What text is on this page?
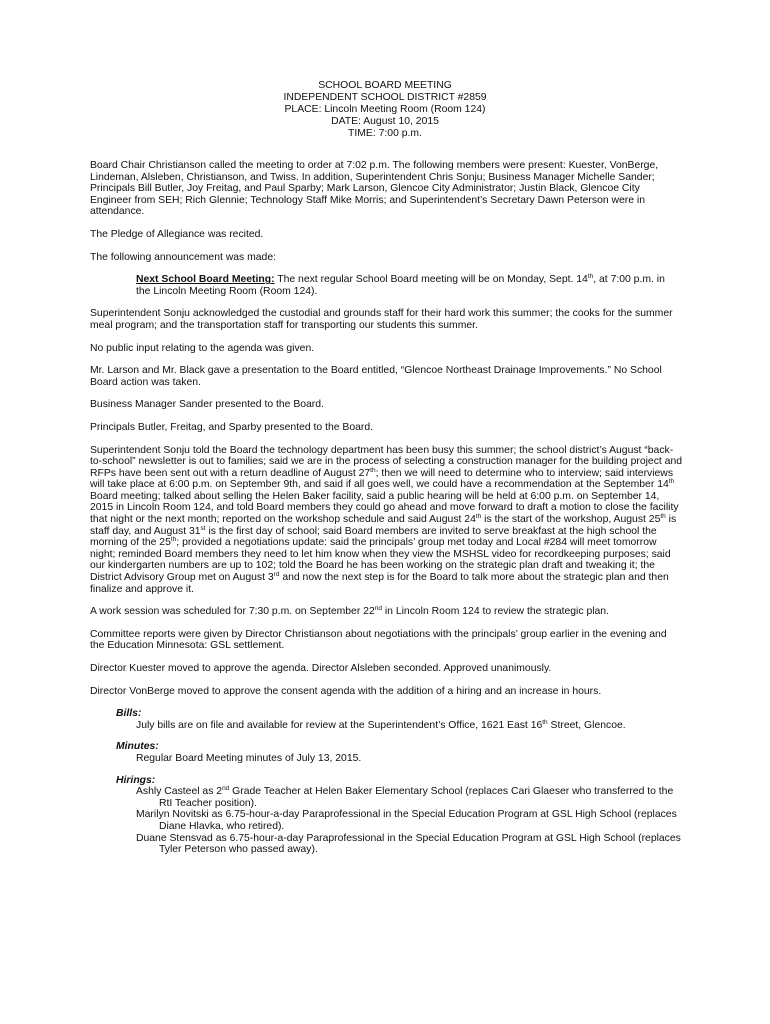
SCHOOL BOARD MEETING
INDEPENDENT SCHOOL DISTRICT #2859
PLACE: Lincoln Meeting Room (Room 124)
DATE: August 10, 2015
TIME: 7:00 p.m.

Board Chair Christianson called the meeting to order at 7:02 p.m. The following members were present: Kuester, VonBerge, Lindeman, Alsleben, Christianson, and Twiss. In addition, Superintendent Chris Sonju; Business Manager Michelle Sander; Principals Bill Butler, Joy Freitag, and Paul Sparby; Mark Larson, Glencoe City Administrator; Justin Black, Glencoe City Engineer from SEH; Rich Glennie; Technology Staff Mike Morris; and Superintendent’s Secretary Dawn Peterson were in attendance.

The Pledge of Allegiance was recited.

The following announcement was made:

Next School Board Meeting: The next regular School Board meeting will be on Monday, Sept. 14th, at 7:00 p.m. in the Lincoln Meeting Room (Room 124).

Superintendent Sonju acknowledged the custodial and grounds staff for their hard work this summer; the cooks for the summer meal program; and the transportation staff for transporting our students this summer.

No public input relating to the agenda was given.

Mr. Larson and Mr. Black gave a presentation to the Board entitled, “Glencoe Northeast Drainage Improvements.” No School Board action was taken.

Business Manager Sander presented to the Board.

Principals Butler, Freitag, and Sparby presented to the Board.

Superintendent Sonju told the Board the technology department has been busy this summer; the school district’s August “back-to-school” newsletter is out to families; said we are in the process of selecting a construction manager for the building project and RFPs have been sent out with a return deadline of August 27th; then we will need to determine who to interview; said interviews will take place at 6:00 p.m. on September 9th, and said if all goes well, we could have a recommendation at the September 14th Board meeting; talked about selling the Helen Baker facility, said a public hearing will be held at 6:00 p.m. on September 14, 2015 in Lincoln Room 124, and told Board members they could go ahead and move forward to draft a motion to close the facility that night or the next month; reported on the workshop schedule and said August 24th is the start of the workshop, August 25th is staff day, and August 31st is the first day of school; said Board members are invited to serve breakfast at the high school the morning of the 25th; provided a negotiations update: said the principals’ group met today and Local #284 will meet tomorrow night; reminded Board members they need to let him know when they view the MSHSL video for recordkeeping purposes; said our kindergarten numbers are up to 102; told the Board he has been working on the strategic plan draft and tweaking it; the District Advisory Group met on August 3rd and now the next step is for the Board to talk more about the strategic plan and then finalize and approve it.

A work session was scheduled for 7:30 p.m. on September 22nd in Lincoln Room 124 to review the strategic plan.

Committee reports were given by Director Christianson about negotiations with the principals’ group earlier in the evening and the Education Minnesota: GSL settlement.

Director Kuester moved to approve the agenda. Director Alsleben seconded. Approved unanimously.

Director VonBerge moved to approve the consent agenda with the addition of a hiring and an increase in hours.

Bills:
July bills are on file and available for review at the Superintendent’s Office, 1621 East 16th Street, Glencoe.
Minutes:
Regular Board Meeting minutes of July 13, 2015.
Hirings:
Ashly Casteel as 2nd Grade Teacher at Helen Baker Elementary School (replaces Cari Glaeser who transferred to the RtI Teacher position).
Marilyn Novitski as 6.75-hour-a-day Paraprofessional in the Special Education Program at GSL High School (replaces Diane Hlavka, who retired).
Duane Stensvad as 6.75-hour-a-day Paraprofessional in the Special Education Program at GSL High School (replaces Tyler Peterson who passed away).
